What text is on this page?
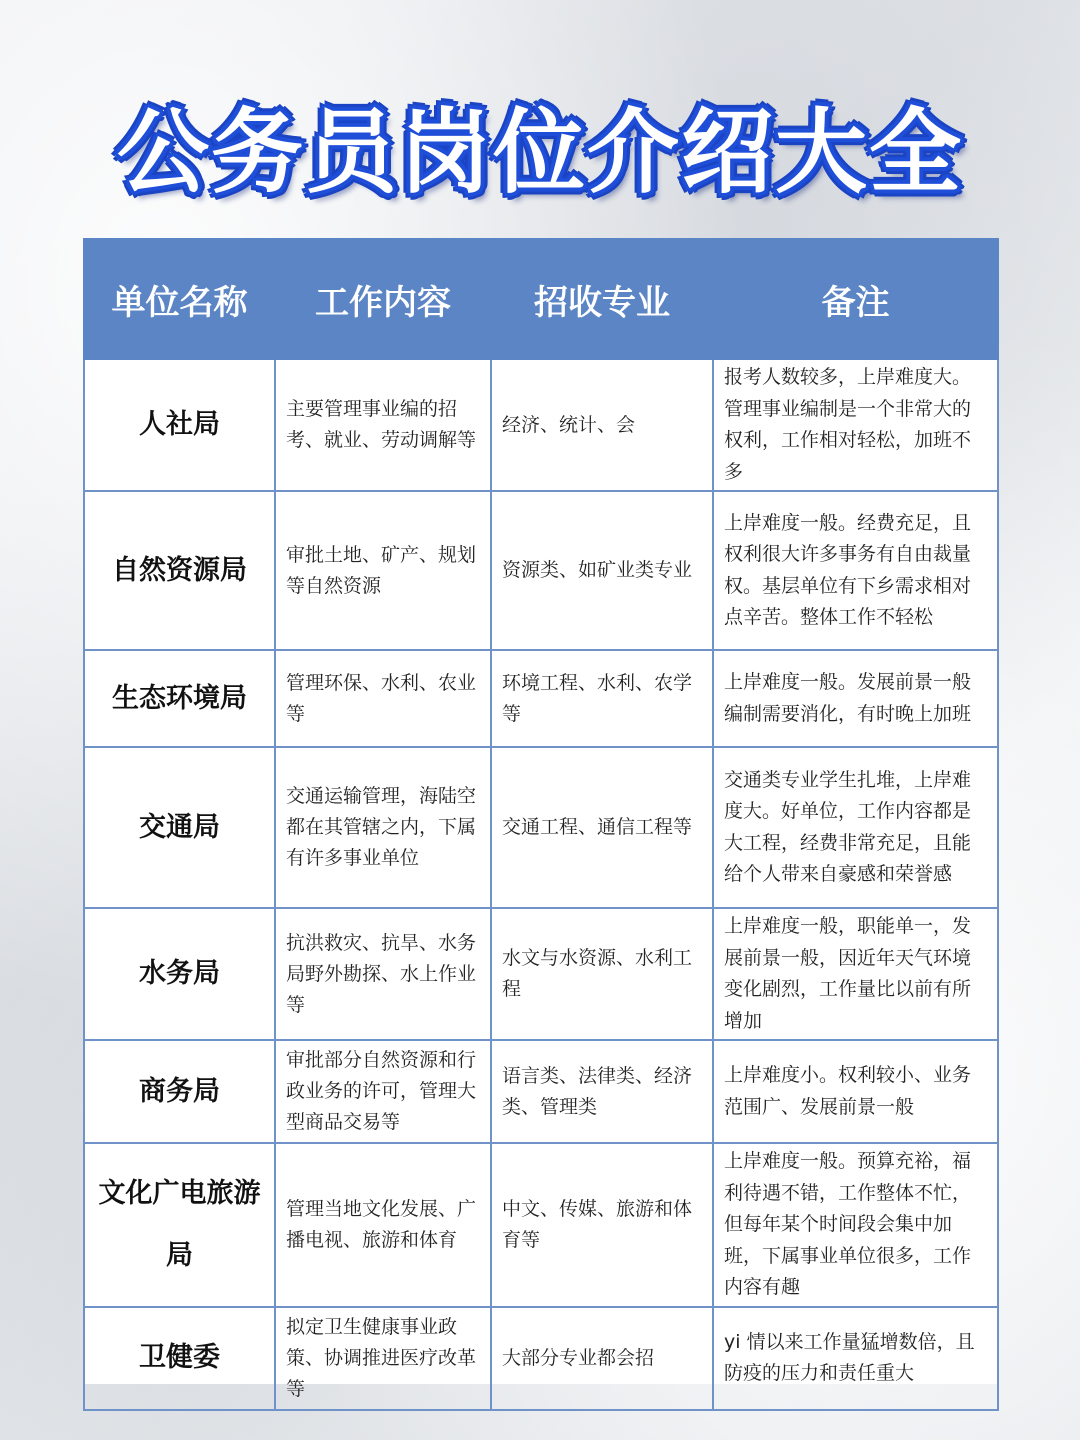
公务员岗位介绍大全
单位名称	工作内容	招收专业	备注
人社局	主要管理事业编的招考、就业、劳动调解等	经济、统计、会	报考人数较多，上岸难度大。管理事业编制是一个非常大的权利，工作相对轻松，加班不多
自然资源局	审批土地、矿产、规划等自然资源	资源类、如矿业类专业	上岸难度一般。经费充足，且权利很大许多事务有自由裁量权。基层单位有下乡需求相对点辛苦。整体工作不轻松
生态环境局	管理环保、水利、农业等	环境工程、水利、农学等	上岸难度一般。发展前景一般编制需要消化，有时晚上加班
交通局	交通运输管理，海陆空都在其管辖之内，下属有许多事业单位	交通工程、通信工程等	交通类专业学生扎堆，上岸难度大。好单位，工作内容都是大工程，经费非常充足，且能给个人带来自豪感和荣誉感
水务局	抗洪救灾、抗旱、水务局野外勘探、水上作业等	水文与水资源、水利工程	上岸难度一般，职能单一，发展前景一般，因近年天气环境变化剧烈，工作量比以前有所增加
商务局	审批部分自然资源和行政业务的许可，管理大型商品交易等	语言类、法律类、经济类、管理类	上岸难度小。权利较小、业务范围广、发展前景一般
文化广电旅游局	管理当地文化发展、广播电视、旅游和体育	中文、传媒、旅游和体育等	上岸难度一般。预算充裕，福利待遇不错，工作整体不忙，但每年某个时间段会集中加班，下属事业单位很多，工作内容有趣
卫健委	拟定卫生健康事业政策、协调推进医疗改革等	大部分专业都会招	yi 情以来工作量猛增数倍，且防疫的压力和责任重大
